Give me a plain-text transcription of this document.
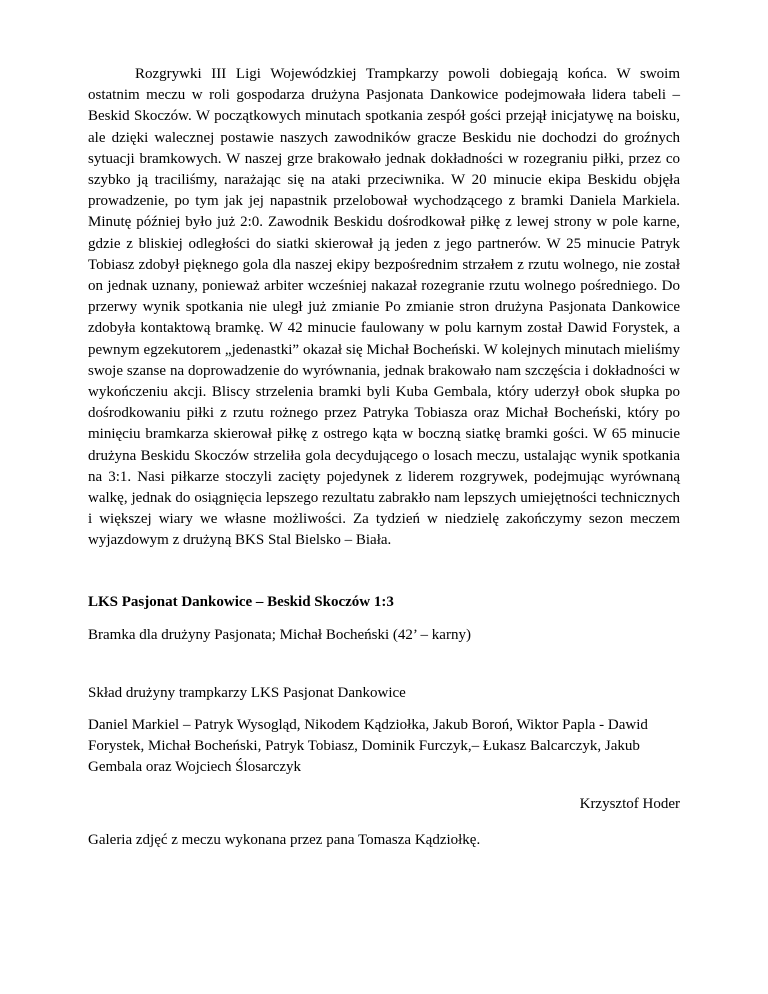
Rozgrywki III Ligi Wojewódzkiej Trampkarzy powoli dobiegają końca. W swoim ostatnim meczu w roli gospodarza drużyna Pasjonata Dankowice podejmowała lidera tabeli – Beskid Skoczów. W początkowych minutach spotkania zespół gości przejął inicjatywę na boisku, ale dzięki walecznej postawie naszych zawodników gracze Beskidu nie dochodzi do groźnych sytuacji bramkowych. W naszej grze brakowało jednak dokładności w rozegraniu piłki, przez co szybko ją traciliśmy, narażając się na ataki przeciwnika. W 20 minucie ekipa Beskidu objęła prowadzenie, po tym jak jej napastnik przelobował wychodzącego z bramki Daniela Markiela. Minutę później było już 2:0. Zawodnik Beskidu dośrodkował piłkę z lewej strony w pole karne, gdzie z bliskiej odległości do siatki skierował ją jeden z jego partnerów. W 25 minucie Patryk Tobiasz zdobył pięknego gola dla naszej ekipy bezpośrednim strzałem z rzutu wolnego, nie został on jednak uznany, ponieważ arbiter wcześniej nakazał rozegranie rzutu wolnego pośredniego. Do przerwy wynik spotkania nie uległ już zmianie Po zmianie stron drużyna Pasjonata Dankowice zdobyła kontaktową bramkę. W 42 minucie faulowany w polu karnym został Dawid Forystek, a pewnym egzekutorem „jedenastki” okazał się Michał Bocheński. W kolejnych minutach mieliśmy swoje szanse na doprowadzenie do wyrównania, jednak brakowało nam szczęścia i dokładności w wykończeniu akcji. Bliscy strzelenia bramki byli Kuba Gembala, który uderzył obok słupka po dośrodkowaniu piłki z rzutu rożnego przez Patryka Tobiasza oraz Michał Bocheński, który po minięciu bramkarza skierował piłkę z ostrego kąta w boczną siatkę bramki gości. W 65 minucie drużyna Beskidu Skoczów strzeliła gola decydującego o losach meczu, ustalając wynik spotkania na 3:1. Nasi piłkarze stoczyli zacięty pojedynek z liderem rozgrywek, podejmując wyrównaną walkę, jednak do osiągnięcia lepszego rezultatu zabrakło nam lepszych umiejętności technicznych i większej wiary we własne możliwości. Za tydzień w niedzielę zakończymy sezon meczem wyjazdowym z drużyną BKS Stal Bielsko – Biała.

LKS Pasjonat Dankowice – Beskid Skoczów 1:3

Bramka dla drużyny Pasjonata; Michał Bocheński (42’ – karny)

Skład drużyny trampkarzy LKS Pasjonat Dankowice

Daniel Markiel – Patryk Wysogląd, Nikodem Kądziołka, Jakub Boroń, Wiktor Papla - Dawid Forystek, Michał Bocheński, Patryk Tobiasz, Dominik Furczyk,– Łukasz Balcarczyk, Jakub Gembala oraz Wojciech Ślosarczyk

Krzysztof Hoder

Galeria zdjęć z meczu wykonana przez pana Tomasza Kądziołkę.
